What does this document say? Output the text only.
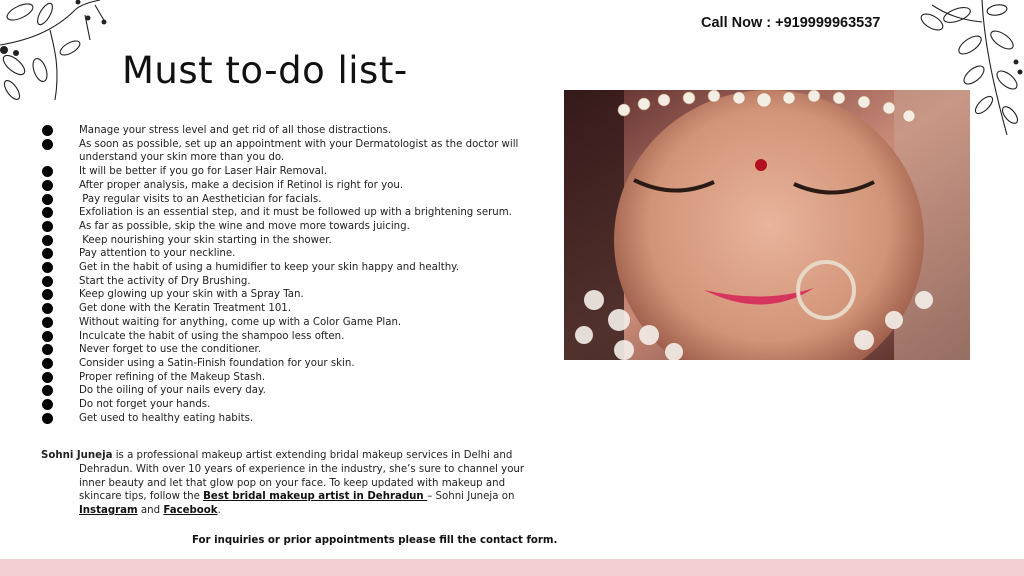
Must to-do list-
Call Now : +919999963537
Manage your stress level and get rid of all those distractions.
As soon as possible, set up an appointment with your Dermatologist as the doctor will understand your skin more than you do.
It will be better if you go for Laser Hair Removal.
After proper analysis, make a decision if Retinol is right for you.
Pay regular visits to an Aesthetician for facials.
Exfoliation is an essential step, and it must be followed up with a brightening serum.
As far as possible, skip the wine and move more towards juicing.
Keep nourishing your skin starting in the shower.
Pay attention to your neckline.
Get in the habit of using a humidifier to keep your skin happy and healthy.
Start the activity of Dry Brushing.
Keep glowing up your skin with a Spray Tan.
Get done with the Keratin Treatment 101.
Without waiting for anything, come up with a Color Game Plan.
Inculcate the habit of using the shampoo less often.
Never forget to use the conditioner.
Consider using a Satin-Finish foundation for your skin.
Proper refining of the Makeup Stash.
Do the oiling of your nails every day.
Do not forget your hands.
Get used to healthy eating habits.

Sohni Juneja is a professional makeup artist extending bridal makeup services in Delhi and Dehradun. With over 10 years of experience in the industry, she’s sure to channel your inner beauty and let that glow pop on your face. To keep updated with makeup and skincare tips, follow the Best bridal makeup artist in Dehradun – Sohni Juneja on Instagram and Facebook.

For inquiries or prior appointments please fill the contact form.
